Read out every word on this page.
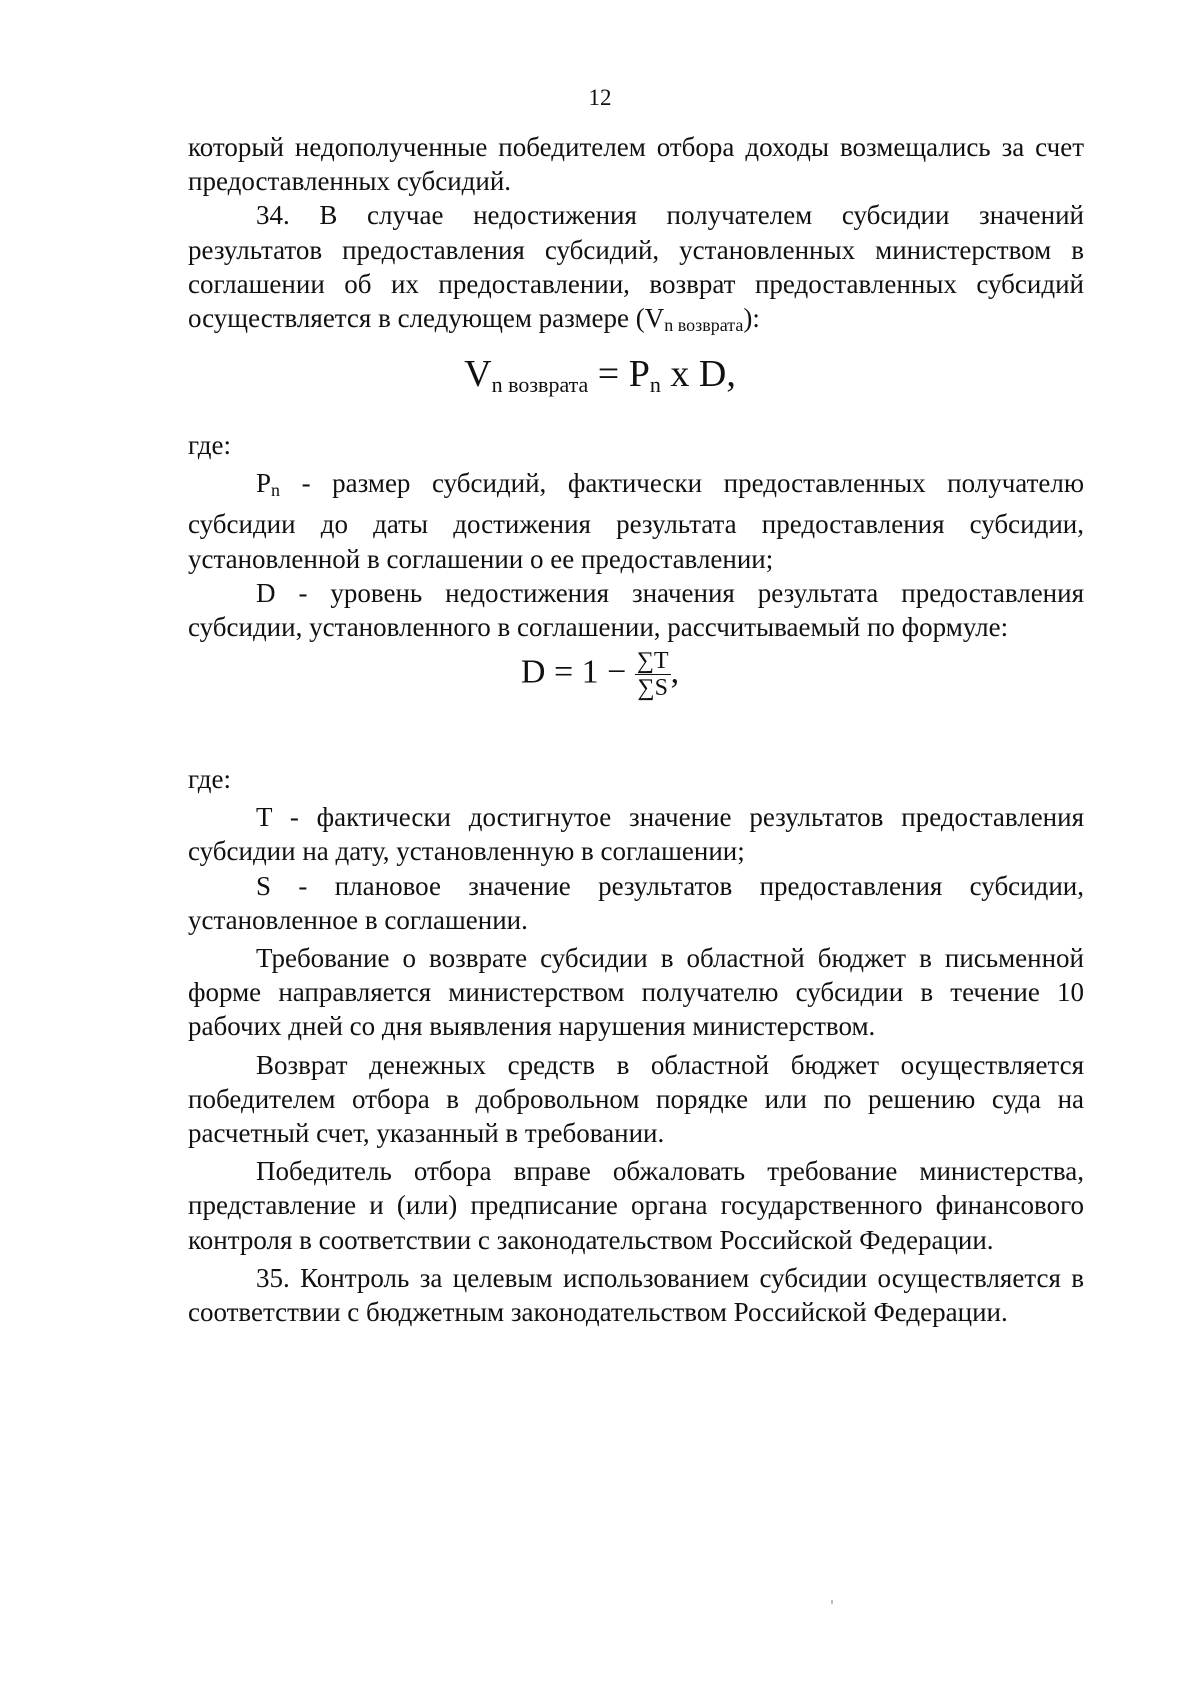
12

который недополученные победителем отбора доходы возмещались за счет предоставленных субсидий.

34. В случае недостижения получателем субсидии значений результатов предоставления субсидий, установленных министерством в соглашении об их предоставлении, возврат предоставленных субсидий осуществляется в следующем размере (Vn возврата):

$V_{n возврата} = P_n$ x D,

где:

Pn - размер субсидий, фактически предоставленных получателю субсидии до даты достижения результата предоставления субсидии, установленной в соглашении о ее предоставлении;

D - уровень недостижения значения результата предоставления субсидии, установленного в соглашении, рассчитываемый по формуле:

$D = 1 - \frac{\sum T}{\sum S}$ ,

где:

T - фактически достигнутое значение результатов предоставления субсидии на дату, установленную в соглашении;

S - плановое значение результатов предоставления субсидии, установленное в соглашении.

Требование о возврате субсидии в областной бюджет в письменной форме направляется министерством получателю субсидии в течение 10 рабочих дней со дня выявления нарушения министерством.

Возврат денежных средств в областной бюджет осуществляется победителем отбора в добровольном порядке или по решению суда на расчетный счет, указанный в требовании.

Победитель отбора вправе обжаловать требование министерства, представление и (или) предписание органа государственного финансового контроля в соответствии с законодательством Российской Федерации.

35. Контроль за целевым использованием субсидии осуществляется в соответствии с бюджетным законодательством Российской Федерации.
